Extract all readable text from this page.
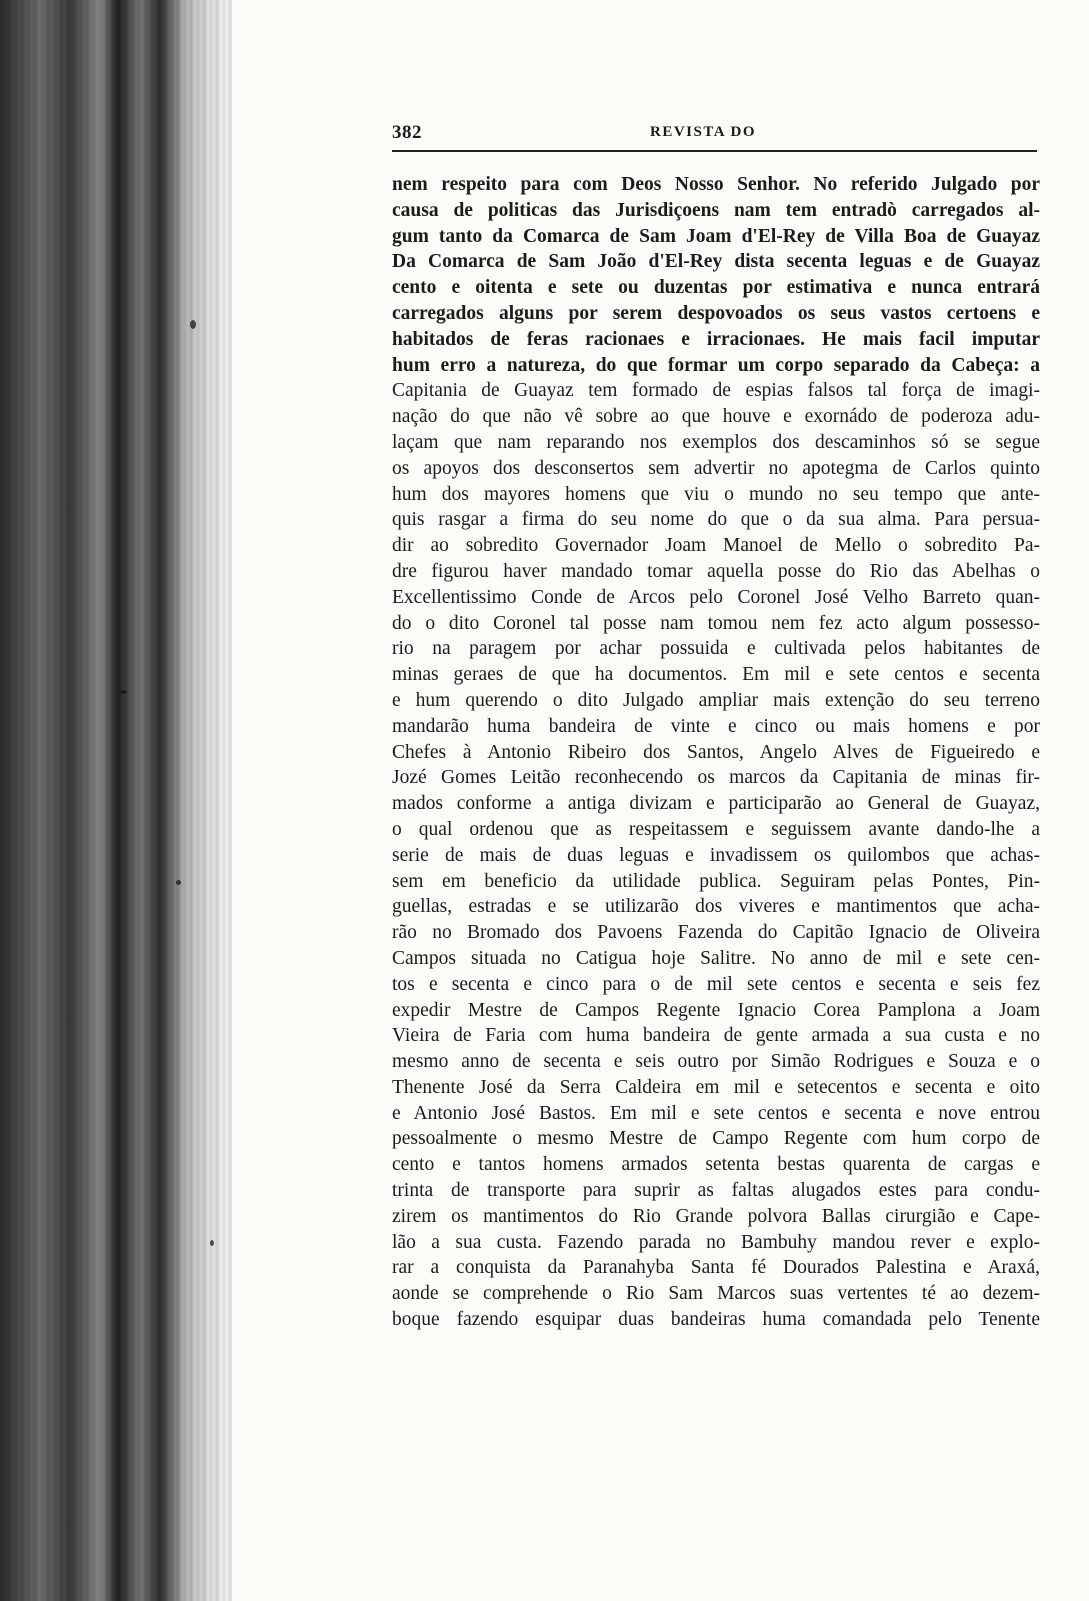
382	REVISTA DO
nem respeito para com Deos Nosso Senhor. No referido Julgado por
causa de politicas das Jurisdiçoens nam tem entradò carregados al-
gum tanto da Comarca de Sam Joam d'El-Rey de Villa Boa de Guayaz
Da Comarca de Sam João d'El-Rey dista secenta leguas e de Guayaz
cento e oitenta e sete ou duzentas por estimativa e nunca entrará
carregados alguns por serem despovoados os seus vastos certoens e
habitados de feras racionaes e irracionaes. He mais facil imputar
hum erro a natureza, do que formar um corpo separado da Cabeça: a
Capitania de Guayaz tem formado de espias falsos tal força de imagi-
nação do que não vê sobre ao que houve e exornádo de poderoza adu-
laçam que nam reparando nos exemplos dos descaminhos só se segue
os apoyos dos desconsertos sem advertir no apotegma de Carlos quinto
hum dos mayores homens que viu o mundo no seu tempo que ante-
quis rasgar a firma do seu nome do que o da sua alma. Para persua-
dir ao sobredito Governador Joam Manoel de Mello o sobredito Pa-
dre figurou haver mandado tomar aquella posse do Rio das Abelhas o
Excellentissimo Conde de Arcos pelo Coronel José Velho Barreto quan-
do o dito Coronel tal posse nam tomou nem fez acto algum possesso-
rio na paragem por achar possuida e cultivada pelos habitantes de
minas geraes de que ha documentos. Em mil e sete centos e secenta
e hum querendo o dito Julgado ampliar mais extenção do seu terreno
mandarão huma bandeira de vinte e cinco ou mais homens e por
Chefes à Antonio Ribeiro dos Santos, Angelo Alves de Figueiredo e
Jozé Gomes Leitão reconhecendo os marcos da Capitania de minas fir-
mados conforme a antiga divizam e participarão ao General de Guayaz,
o qual ordenou que as respeitassem e seguissem avante dando-lhe a
serie de mais de duas leguas e invadissem os quilombos que achas-
sem em beneficio da utilidade publica. Seguiram pelas Pontes, Pin-
guellas, estradas e se utilizarão dos viveres e mantimentos que acha-
rão no Bromado dos Pavoens Fazenda do Capitão Ignacio de Oliveira
Campos situada no Catigua hoje Salitre. No anno de mil e sete cen-
tos e secenta e cinco para o de mil sete centos e secenta e seis fez
expedir Mestre de Campos Regente Ignacio Corea Pamplona a Joam
Vieira de Faria com huma bandeira de gente armada a sua custa e no
mesmo anno de secenta e seis outro por Simão Rodrigues e Souza e o
Thenente José da Serra Caldeira em mil e setecentos e secenta e oito
e Antonio José Bastos. Em mil e sete centos e secenta e nove entrou
pessoalmente o mesmo Mestre de Campo Regente com hum corpo de
cento e tantos homens armados setenta bestas quarenta de cargas e
trinta de transporte para suprir as faltas alugados estes para condu-
zirem os mantimentos do Rio Grande polvora Ballas cirurgião e Cape-
lão a sua custa. Fazendo parada no Bambuhy mandou rever e explo-
rar a conquista da Paranahyba Santa fé Dourados Palestina e Araxá,
aonde se comprehende o Rio Sam Marcos suas vertentes té ao dezem-
boque fazendo esquipar duas bandeiras huma comandada pelo Tenente
